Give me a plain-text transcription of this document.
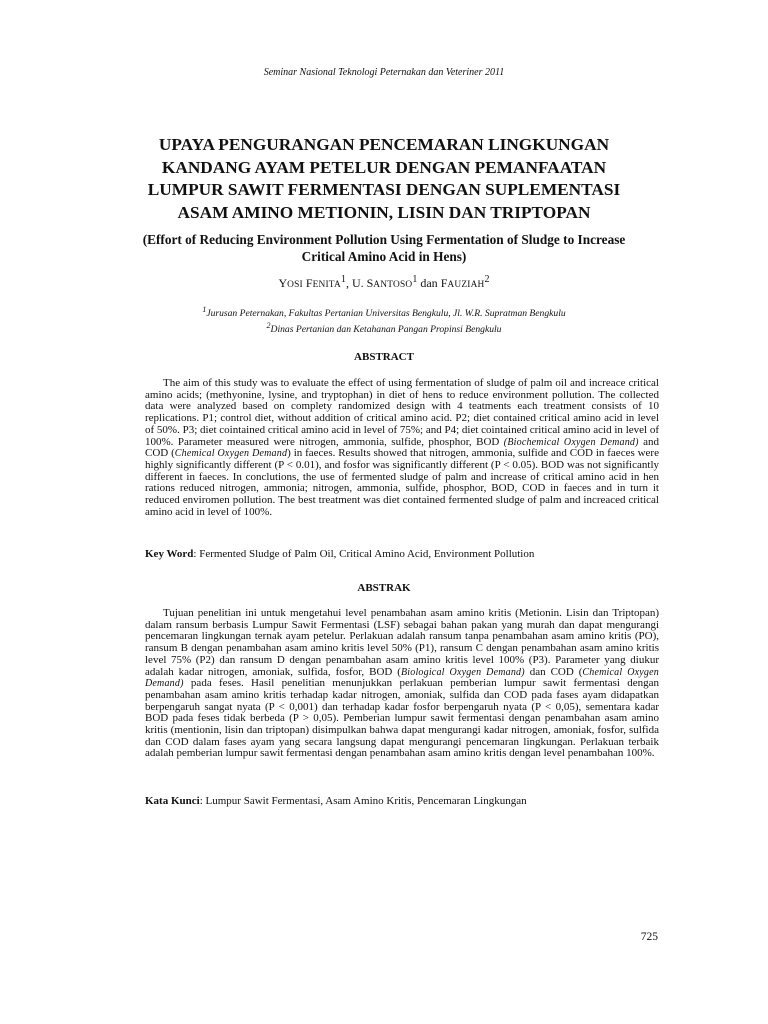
Seminar Nasional Teknologi Peternakan dan Veteriner 2011
UPAYA PENGURANGAN PENCEMARAN LINGKUNGAN
KANDANG AYAM PETELUR DENGAN PEMANFAATAN
LUMPUR SAWIT FERMENTASI DENGAN SUPLEMENTASI
ASAM AMINO METIONIN, LISIN DAN TRIPTOPAN
(Effort of Reducing Environment Pollution Using Fermentation of Sludge to Increase Critical Amino Acid in Hens)
YOSI FENITA$^1$, U. SANTOSO$^1$ dan FAUZIAH$^2$
$^1$Jurusan Peternakan, Fakultas Pertanian Universitas Bengkulu, Jl. W.R. Supratman Bengkulu
$^2$Dinas Pertanian dan Ketahanan Pangan Propinsi Bengkulu
ABSTRACT

The aim of this study was to evaluate the effect of using fermentation of sludge of palm oil and increace critical amino acids; (methyonine, lysine, and tryptophan) in diet of hens to reduce environment pollution. The collected data were analyzed based on complety randomized design with 4 teatments each treatment consists of 10 replications. P1; control diet, without addition of critical amino acid. P2; diet contained critical amino acid in level of 50%. P3; diet cointained critical amino acid in level of 75%; and P4; diet cointained critical amino acid in level of 100%. Parameter measured were nitrogen, ammonia, sulfide, phosphor, BOD (Biochemical Oxygen Demand) and COD (Chemical Oxygen Demand) in faeces. Results showed that nitrogen, ammonia, sulfide and COD in faeces were highly significantly different (P < 0.01), and fosfor was significantly different (P < 0.05). BOD was not significantly different in faeces. In conclutions, the use of fermented sludge of palm and increase of critical amino acid in hen rations reduced nitrogen, ammonia; nitrogen, ammonia, sulfide, phosphor, BOD, COD in faeces and in turn it reduced enviromen pollution. The best treatment was diet contained fermented sludge of palm and increaced critical amino acid in level of 100%.

Key Word: Fermented Sludge of Palm Oil, Critical Amino Acid, Environment Pollution
ABSTRAK

Tujuan penelitian ini untuk mengetahui level penambahan asam amino kritis (Metionin. Lisin dan Triptopan) dalam ransum berbasis Lumpur Sawit Fermentasi (LSF) sebagai bahan pakan yang murah dan dapat mengurangi pencemaran lingkungan ternak ayam petelur. Perlakuan adalah ransum tanpa penambahan asam amino kritis (PO), ransum B dengan penambahan asam amino kritis level 50% (P1), ransum C dengan penambahan asam amino kritis level 75% (P2) dan ransum D dengan penambahan asam amino kritis level 100% (P3). Parameter yang diukur adalah kadar nitrogen, amoniak, sulfida, fosfor, BOD (Biological Oxygen Demand) dan COD (Chemical Oxygen Demand) pada feses. Hasil penelitian menunjukkan perlakuan pemberian lumpur sawit fermentasi dengan penambahan asam amino kritis terhadap kadar nitrogen, amoniak, sulfida dan COD pada fases ayam didapatkan berpengaruh sangat nyata (P < 0,001) dan terhadap kadar fosfor berpengaruh nyata (P < 0,05), sementara kadar BOD pada feses tidak berbeda (P > 0,05). Pemberian lumpur sawit fermentasi dengan penambahan asam amino kritis (mentionin, lisin dan triptopan) disimpulkan bahwa dapat mengurangi kadar nitrogen, amoniak, fosfor, sulfida dan COD dalam fases ayam yang secara langsung dapat mengurangi pencemaran lingkungan. Perlakuan terbaik adalah pemberian lumpur sawit fermentasi dengan penambahan asam amino kritis dengan level penambahan 100%.

Kata Kunci: Lumpur Sawit Fermentasi, Asam Amino Kritis, Pencemaran Lingkungan
725
